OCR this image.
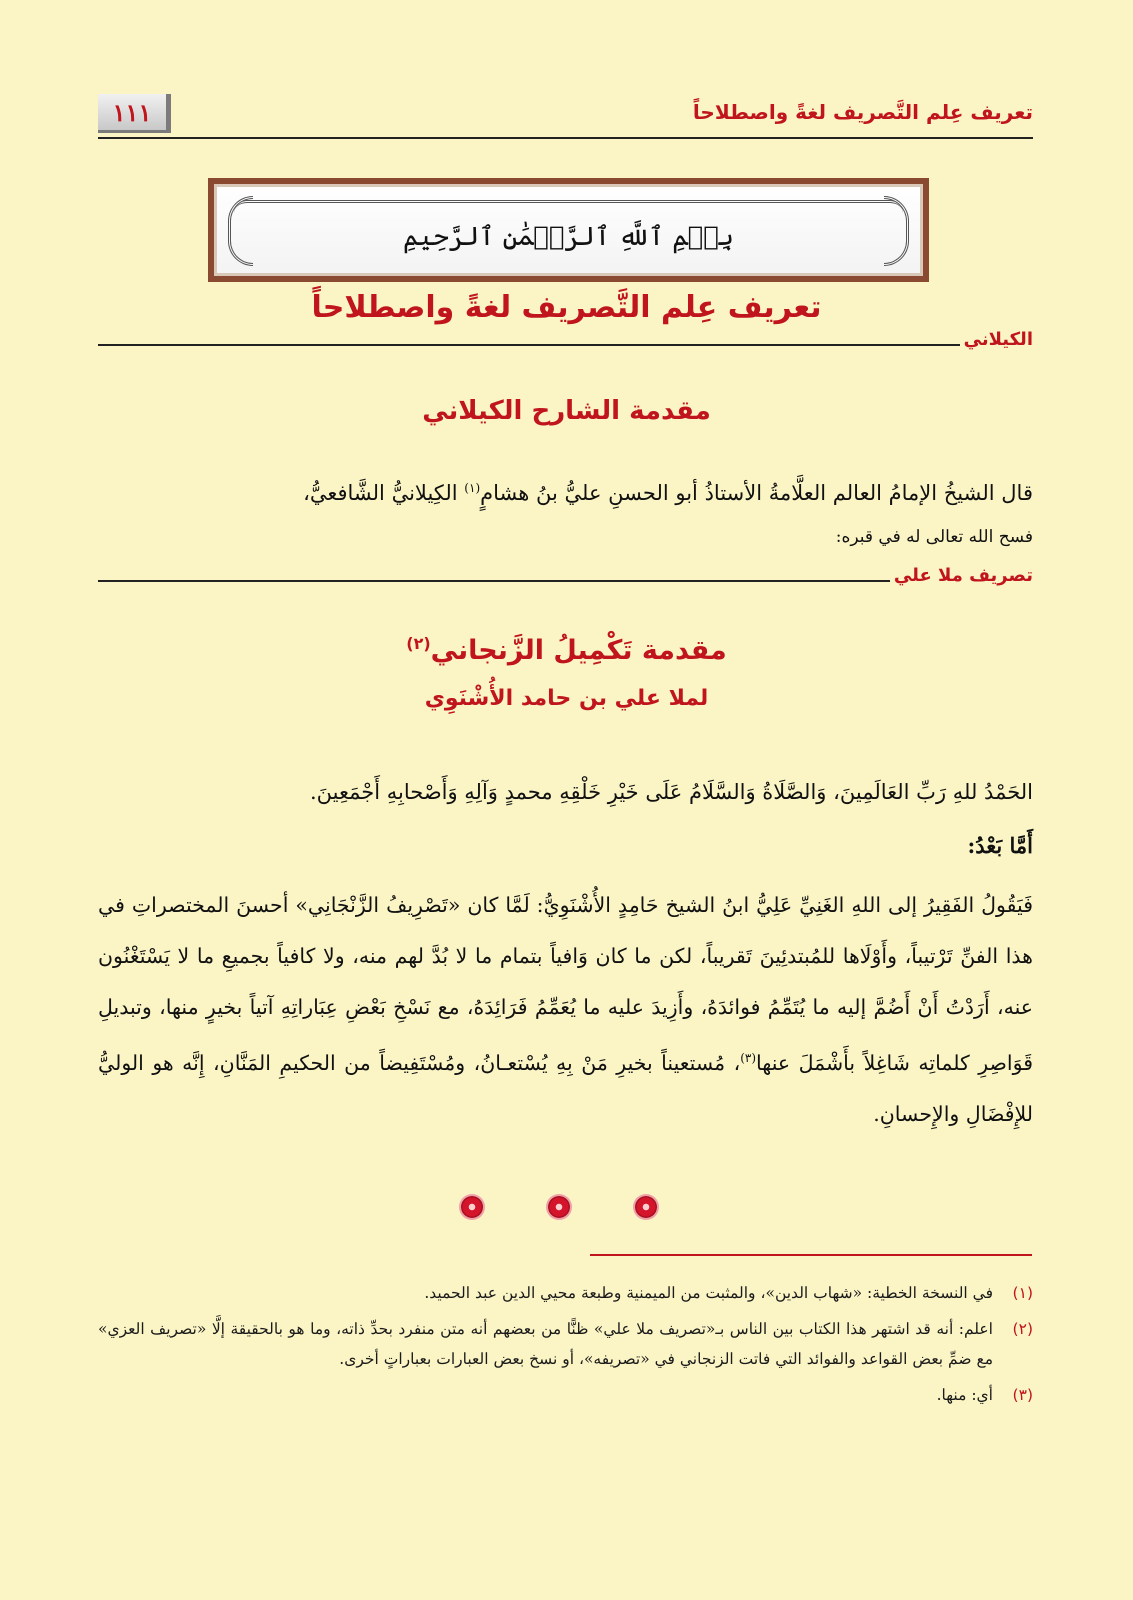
تعريف عِلم التَّصريف لغةً واصطلاحاً
١١١
بِسۡمِ ٱللَّهِ ٱلرَّحۡمَٰنِ ٱلرَّحِيمِ
تعريف عِلم التَّصريف لغةً واصطلاحاً
الكيلاني
مقدمة الشارح الكيلاني
قال الشيخُ الإمامُ العالم العلَّامةُ الأستاذُ أبو الحسنِ عليُّ بنُ هشامٍ$^{(١)}$ الكِيلانيُّ الشَّافعيُّ،
فسح الله تعالى له في قبره:
تصريف ملا علي
مقدمة تَكْمِيلُ الزَّنجاني$^{(٢)}$
لملا علي بن حامد الأُشْنَوِي
الحَمْدُ للهِ رَبِّ العَالَمِينَ، وَالصَّلَاةُ وَالسَّلَامُ عَلَى خَيْرِ خَلْقِهِ محمدٍ وَآلِهِ وَأَصْحابِهِ أَجْمَعِينَ.
أَمَّا بَعْدُ:
فَيَقُولُ الفَقِيرُ إلى اللهِ الغَنِيِّ عَلِيُّ ابنُ الشيخ حَامِدٍ الأُشْنَوِيُّ: لَمَّا كان «تَصْرِيفُ الزَّنْجَانِي» أحسنَ المختصراتِ في هذا الفنِّ تَرْتيباً، وأَوْلَاها للمُبتدئِينَ تَقريباً، لكن ما كان وَافياً بتمام ما لا بُدَّ لهم منه، ولا كافياً بجميعِ ما لا يَسْتَغْنُون عنه، أَرَدْتُ أَنْ أَضُمَّ إليه ما يُتَمِّمُ فوائدَهُ، وأَزِيدَ عليه ما يُعَمِّمُ فَرَائِدَهُ، مع نَسْخِ بَعْضِ عِبَاراتِهِ آتياً بخيرٍ منها، وتبديلِ قَوَاصِرِ كلماتِه شَاغِلاً بأَشْمَلَ عنها$^{(٣)}$، مُستعيناً بخيرِ مَنْ بِهِ يُسْتعـانُ، ومُسْتَفِيضاً من الحكيمِ المَنَّانِ، إِنَّه هو الوليُّ للإِفْضَالِ والإِحسانِ.
(١)
في النسخة الخطية: «شهاب الدين»، والمثبت من الميمنية وطبعة محيي الدين عبد الحميد.
(٢)
اعلم: أنه قد اشتهر هذا الكتاب بين الناس بـ«تصريف ملا علي» ظنًّا من بعضهم أنه متن منفرد بحدِّ ذاته، وما هو بالحقيقة إلَّا «تصريف العزي» مع ضمِّ بعض القواعد والفوائد التي فاتت الزنجاني في «تصريفه»، أو نسخ بعض العبارات بعباراتٍ أخرى.
(٣)
أي: منها.
